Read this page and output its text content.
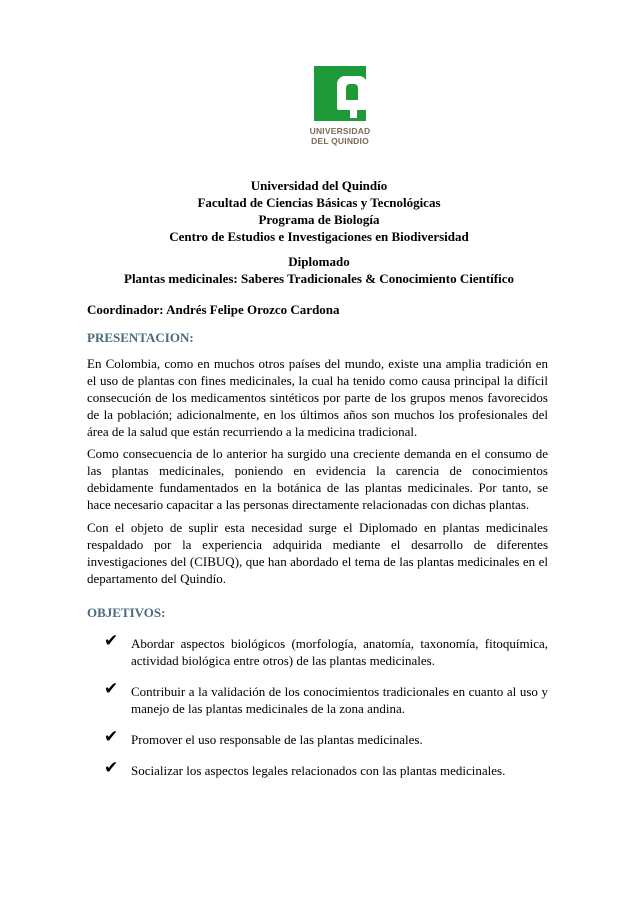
UNIVERSIDAD
DEL QUINDIO
Universidad del Quindío
Facultad de Ciencias Básicas y Tecnológicas
Programa de Biología
Centro de Estudios e Investigaciones en Biodiversidad
Diplomado
Plantas medicinales: Saberes Tradicionales & Conocimiento Científico
Coordinador: Andrés Felipe Orozco Cardona
PRESENTACION:
En Colombia, como en muchos otros países del mundo, existe una amplia tradición en el uso de plantas con fines medicinales, la cual ha tenido como causa principal la difícil consecución de los medicamentos sintéticos por parte de los grupos menos favorecidos de la población; adicionalmente, en los últimos años son muchos los profesionales del área de la salud que están recurriendo a la medicina tradicional.
Como consecuencia de lo anterior ha surgido una creciente demanda en el consumo de las plantas medicinales, poniendo en evidencia la carencia de conocimientos debidamente fundamentados en la botánica de las plantas medicinales. Por tanto, se hace necesario capacitar a las personas directamente relacionadas con dichas plantas.
Con el objeto de suplir esta necesidad surge el Diplomado en plantas medicinales respaldado por la experiencia adquirida mediante el desarrollo de diferentes investigaciones del (CIBUQ), que han abordado el tema de las plantas medicinales en el departamento del Quindío.
OBJETIVOS:
✔ Abordar aspectos biológicos (morfología, anatomía, taxonomía, fitoquímica, actividad biológica entre otros) de las plantas medicinales.
✔ Contribuir a la validación de los conocimientos tradicionales en cuanto al uso y manejo de las plantas medicinales de la zona andina.
✔ Promover el uso responsable de las plantas medicinales.
✔ Socializar los aspectos legales relacionados con las plantas medicinales.
